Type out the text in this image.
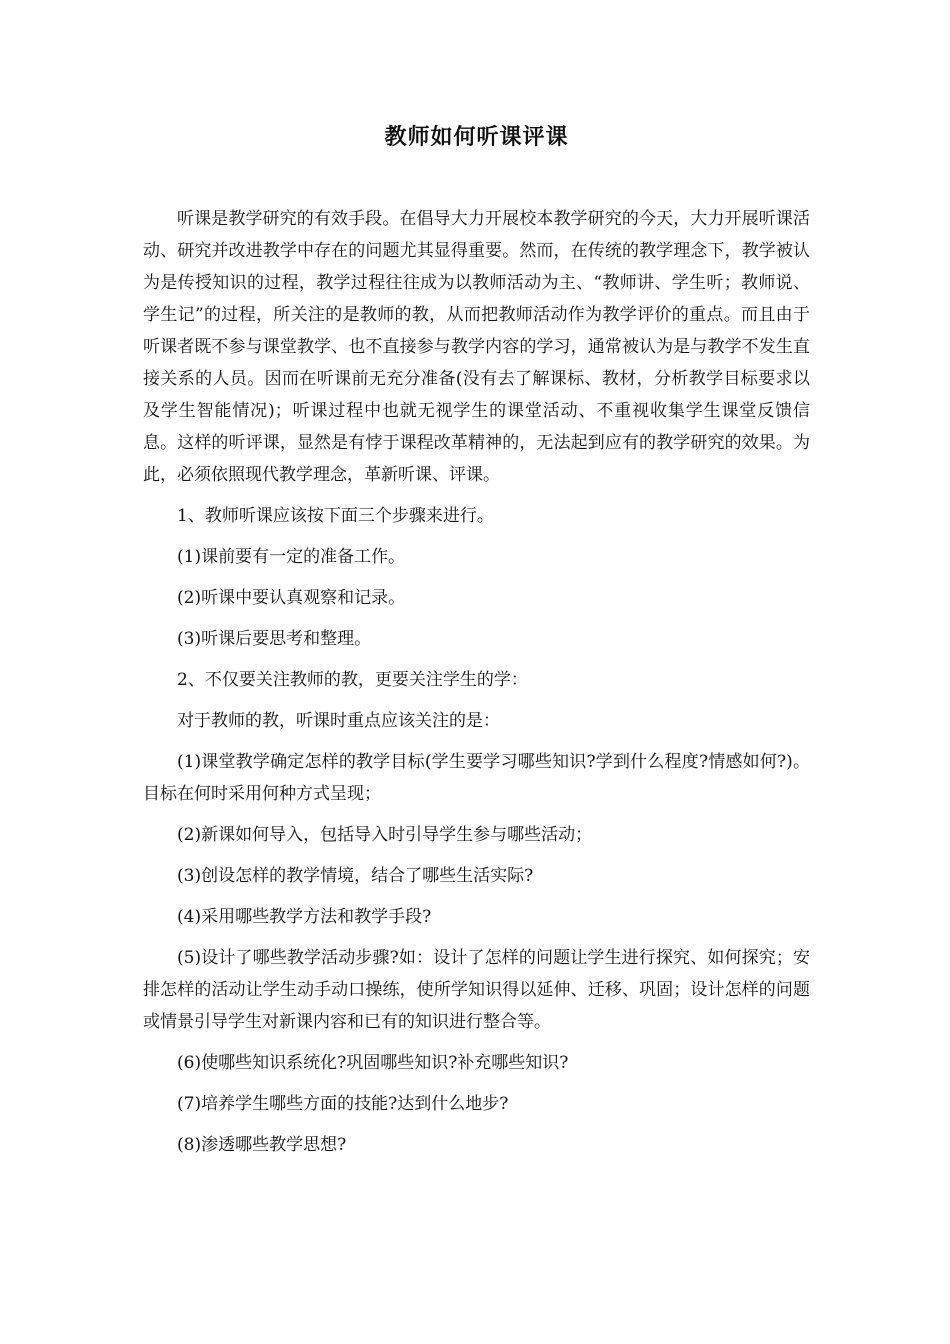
教师如何听课评课

听课是教学研究的有效手段。在倡导大力开展校本教学研究的今天，大力开展听课活动、研究并改进教学中存在的问题尤其显得重要。然而，在传统的教学理念下，教学被认为是传授知识的过程，教学过程往往成为以教师活动为主、“教师讲、学生听；教师说、学生记”的过程，所关注的是教师的教，从而把教师活动作为教学评价的重点。而且由于听课者既不参与课堂教学、也不直接参与教学内容的学习，通常被认为是与教学不发生直接关系的人员。因而在听课前无充分准备(没有去了解课标、教材，分析教学目标要求以及学生智能情况)；听课过程中也就无视学生的课堂活动、不重视收集学生课堂反馈信息。这样的听评课，显然是有悖于课程改革精神的，无法起到应有的教学研究的效果。为此，必须依照现代教学理念，革新听课、评课。

1、教师听课应该按下面三个步骤来进行。

(1)课前要有一定的准备工作。

(2)听课中要认真观察和记录。

(3)听课后要思考和整理。

2、不仅要关注教师的教，更要关注学生的学：

对于教师的教，听课时重点应该关注的是：

(1)课堂教学确定怎样的教学目标(学生要学习哪些知识?学到什么程度?情感如何?)。目标在何时采用何种方式呈现；

(2)新课如何导入，包括导入时引导学生参与哪些活动；

(3)创设怎样的教学情境，结合了哪些生活实际?

(4)采用哪些教学方法和教学手段?

(5)设计了哪些教学活动步骤?如：设计了怎样的问题让学生进行探究、如何探究；安排怎样的活动让学生动手动口操练，使所学知识得以延伸、迁移、巩固；设计怎样的问题或情景引导学生对新课内容和已有的知识进行整合等。

(6)使哪些知识系统化?巩固哪些知识?补充哪些知识?

(7)培养学生哪些方面的技能?达到什么地步?

(8)渗透哪些教学思想?
